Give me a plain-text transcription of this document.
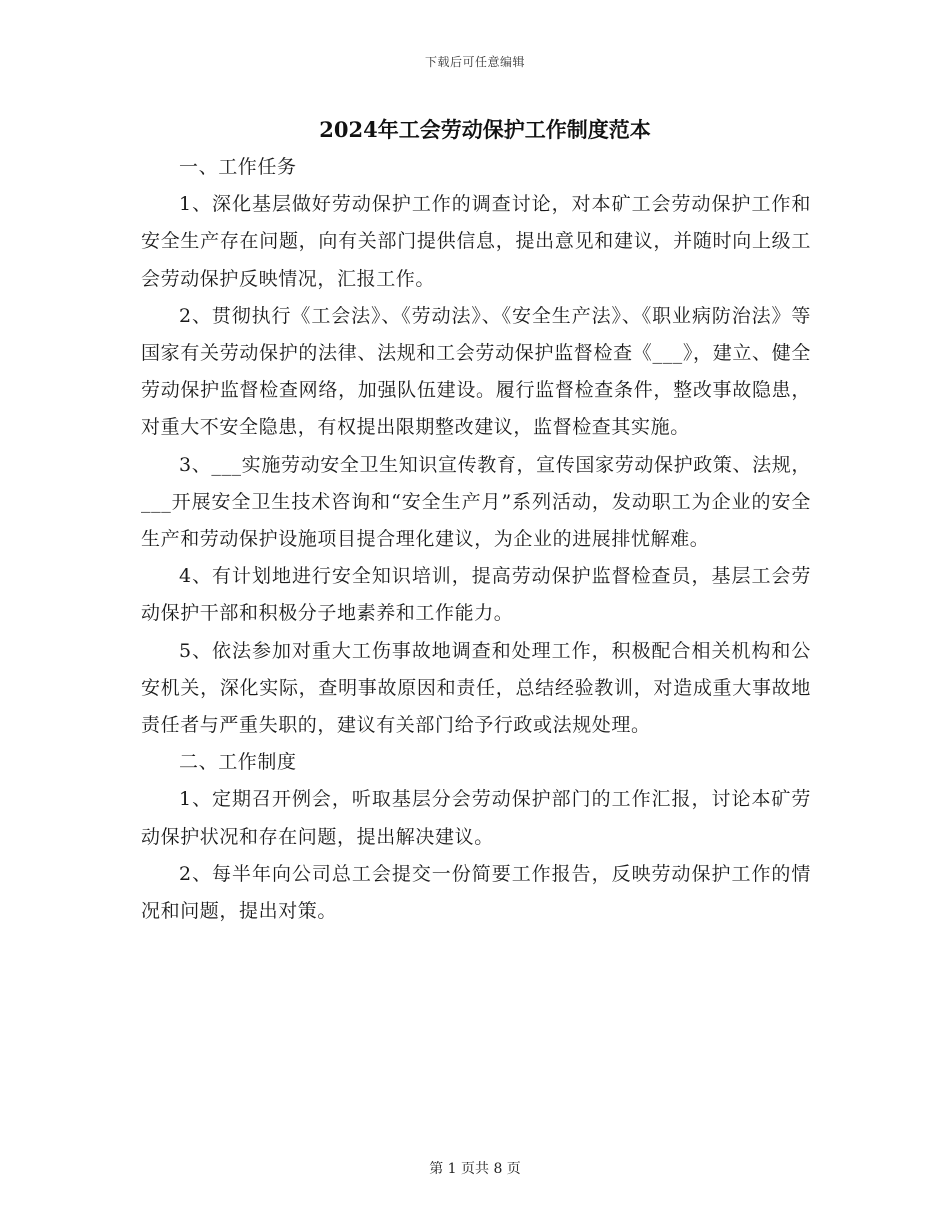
下载后可任意编辑
2024年工会劳动保护工作制度范本

一、工作任务

1、深化基层做好劳动保护工作的调查讨论，对本矿工会劳动保护工作和安全生产存在问题，向有关部门提供信息，提出意见和建议，并随时向上级工会劳动保护反映情况，汇报工作。

2、贯彻执行《工会法》、《劳动法》、《安全生产法》、《职业病防治法》等国家有关劳动保护的法律、法规和工会劳动保护监督检查《___》，建立、健全劳动保护监督检查网络，加强队伍建设。履行监督检查条件，整改事故隐患，对重大不安全隐患，有权提出限期整改建议，监督检查其实施。

3、___实施劳动安全卫生知识宣传教育，宣传国家劳动保护政策、法规，___开展安全卫生技术咨询和“安全生产月”系列活动，发动职工为企业的安全生产和劳动保护设施项目提合理化建议，为企业的进展排忧解难。

4、有计划地进行安全知识培训，提高劳动保护监督检查员，基层工会劳动保护干部和积极分子地素养和工作能力。

5、依法参加对重大工伤事故地调查和处理工作，积极配合相关机构和公安机关，深化实际，查明事故原因和责任，总结经验教训，对造成重大事故地责任者与严重失职的，建议有关部门给予行政或法规处理。

二、工作制度

1、定期召开例会，听取基层分会劳动保护部门的工作汇报，讨论本矿劳动保护状况和存在问题，提出解决建议。

2、每半年向公司总工会提交一份简要工作报告，反映劳动保护工作的情况和问题，提出对策。

第 1 页共 8 页
